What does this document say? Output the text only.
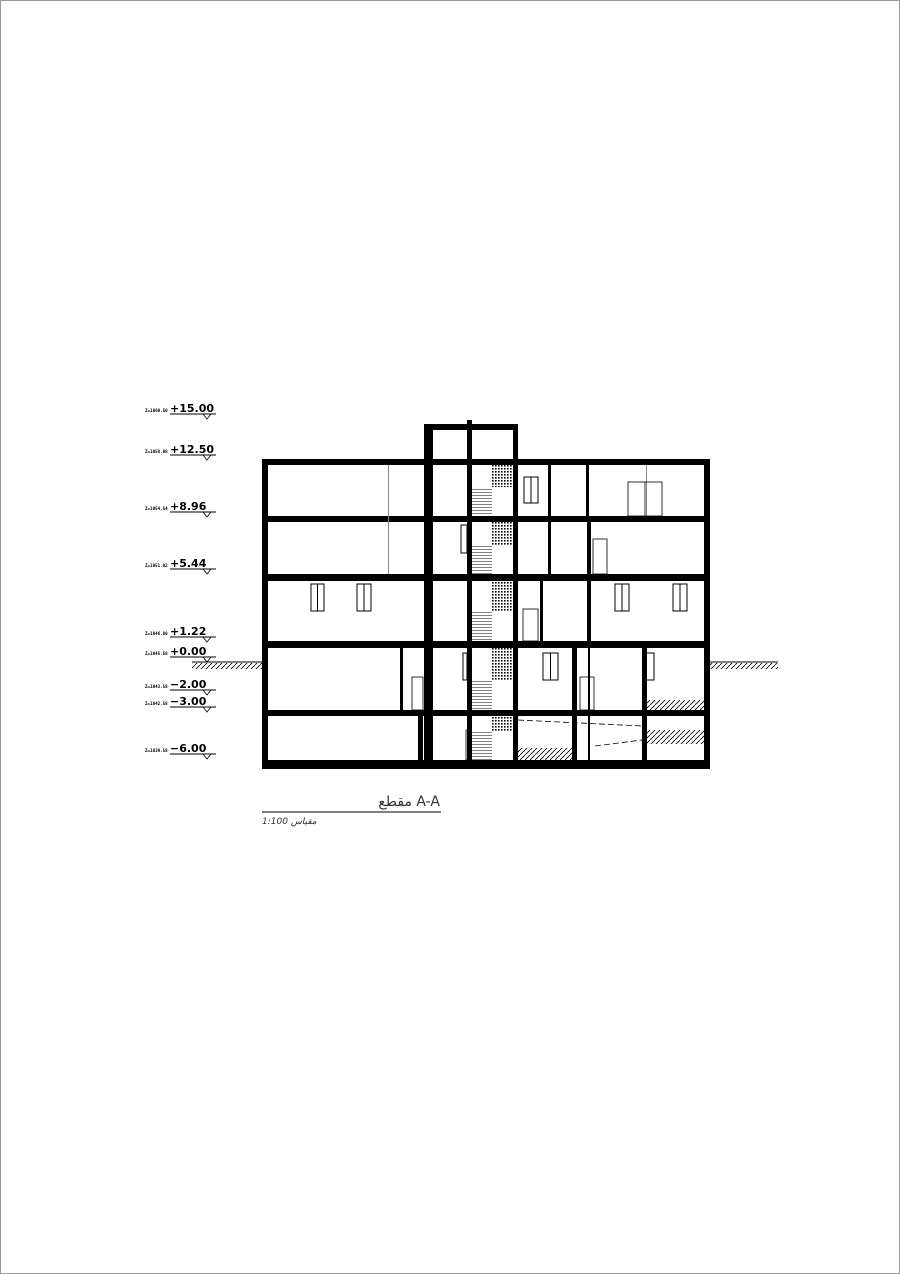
Z=1060.50 +15.00
Z=1058.08 +12.50
Z=1054.54 +8.96
Z=1051.02 +5.44
Z=1046.80 +1.22
Z=1045.58 +0.00
Z=1043.58 −2.00
Z=1042.58 −3.00
Z=1039.58 −6.00
مقطع A-A
1:100 مقياس
